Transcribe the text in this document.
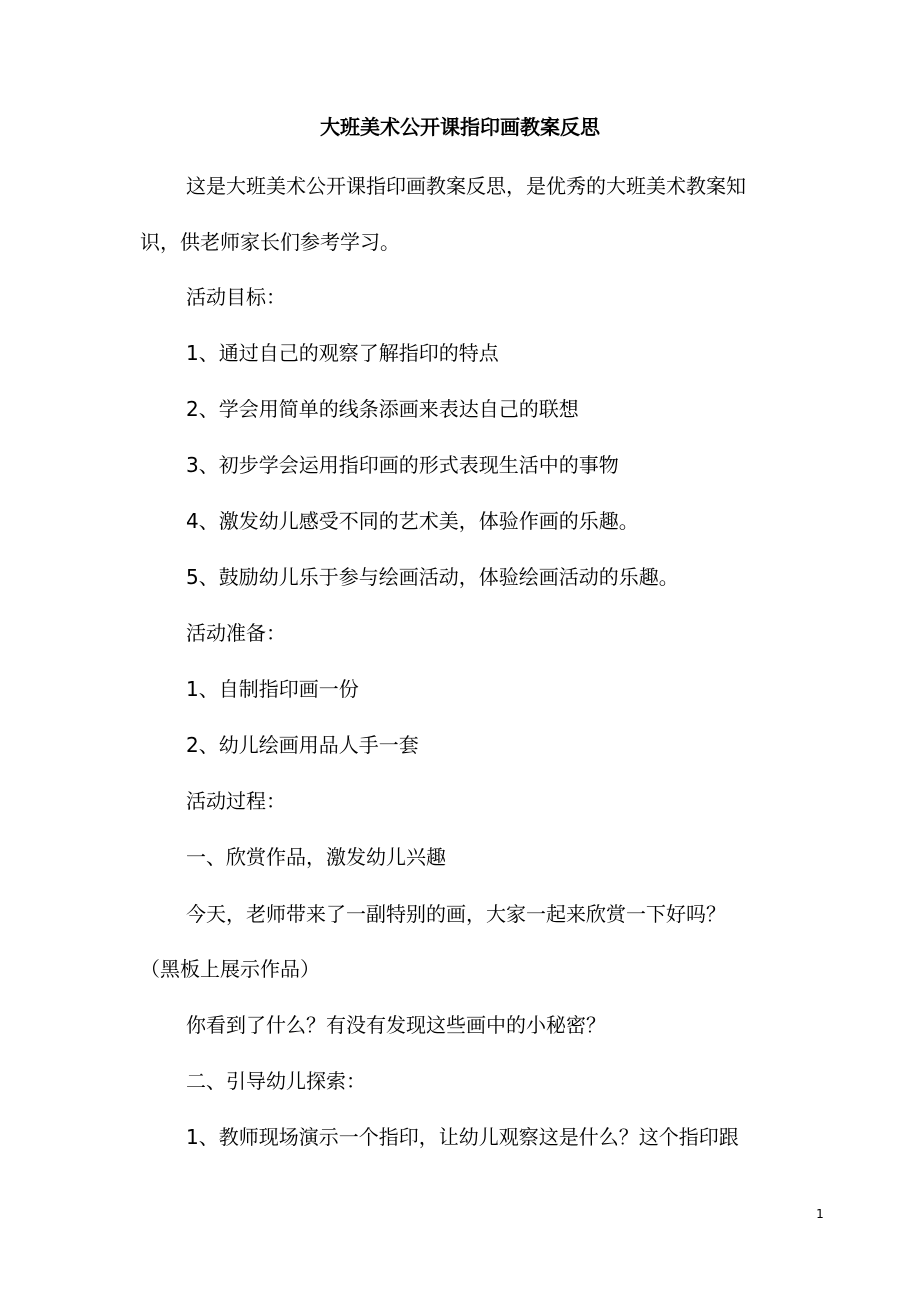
大班美术公开课指印画教案反思
这是大班美术公开课指印画教案反思，是优秀的大班美术教案知
识，供老师家长们参考学习。
活动目标：
1、通过自己的观察了解指印的特点
2、学会用简单的线条添画来表达自己的联想
3、初步学会运用指印画的形式表现生活中的事物
4、激发幼儿感受不同的艺术美，体验作画的乐趣。
5、鼓励幼儿乐于参与绘画活动，体验绘画活动的乐趣。
活动准备：
1、自制指印画一份
2、幼儿绘画用品人手一套
活动过程：
一、欣赏作品，激发幼儿兴趣
今天，老师带来了一副特别的画，大家一起来欣赏一下好吗？
（黑板上展示作品）
你看到了什么？有没有发现这些画中的小秘密？
二、引导幼儿探索：
1、教师现场演示一个指印，让幼儿观察这是什么？这个指印跟
1
